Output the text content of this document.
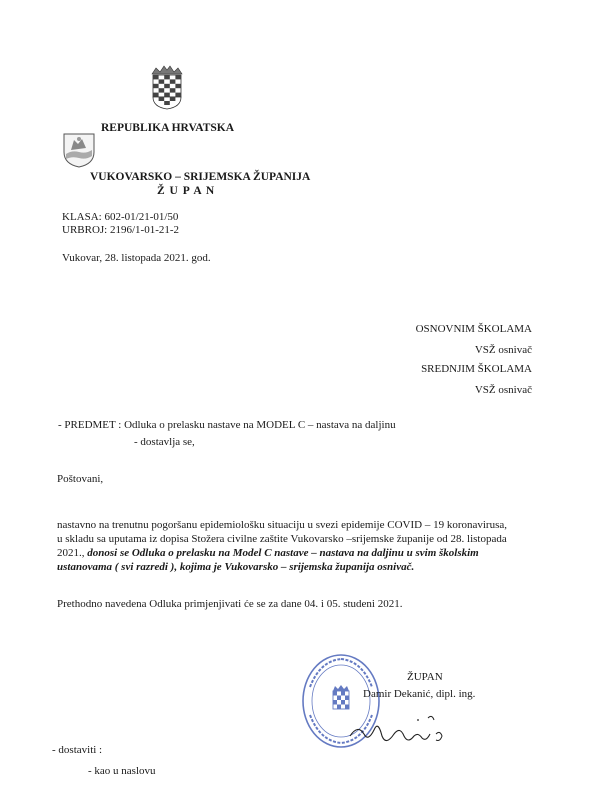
REPUBLIKA HRVATSKA
VUKOVARSKO – SRIJEMSKA ŽUPANIJA
Ž U P A N
KLASA: 602-01/21-01/50
URBROJ: 2196/1-01-21-2
Vukovar, 28. listopada 2021. god.
OSNOVNIM ŠKOLAMA
VSŽ osnivač
SREDNJIM ŠKOLAMA
VSŽ osnivač
- PREDMET : Odluka o prelasku nastave na MODEL C – nastava na daljinu
- dostavlja se,
Poštovani,
nastavno na trenutnu pogoršanu epidemiološku situaciju u svezi epidemije COVID – 19 koronavirusa,
u skladu sa uputama iz dopisa Stožera civilne zaštite Vukovarsko –srijemske županije od 28. listopada
2021., donosi se Odluka o prelasku na Model C nastave – nastava na daljinu u svim školskim
ustanovama ( svi razredi ), kojima je Vukovarsko – srijemska županija osnivač.
Prethodno navedena Odluka primjenjivati će se za dane 04. i 05. studeni 2021.
ŽUPAN
Damir Dekanić, dipl. ing.
- dostaviti :
- kao u naslovu
